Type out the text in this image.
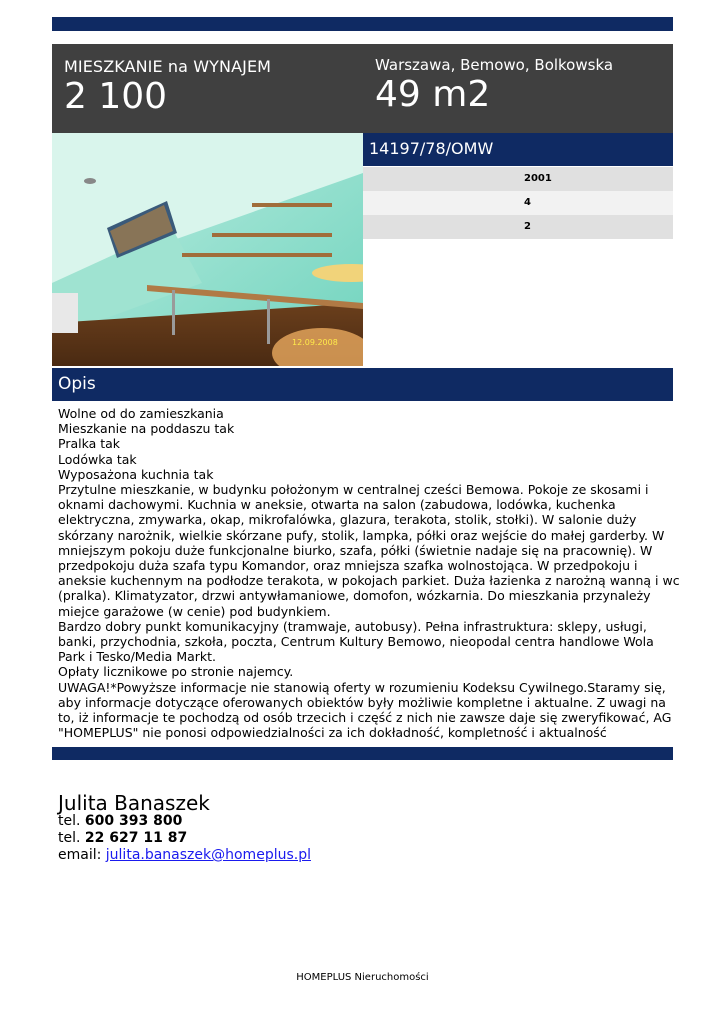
MIESZKANIE na WYNAJEM
2 100
Warszawa, Bemowo, Bolkowska
49 m2
12.09.2008
14197/78/OMW
2001
4
2
Opis
Wolne od do zamieszkania
Mieszkanie na poddaszu tak
Pralka tak
Lodówka tak
Wyposażona kuchnia tak
Przytulne mieszkanie, w budynku położonym w centralnej cześci Bemowa. Pokoje ze skosami i
oknami dachowymi. Kuchnia w aneksie, otwarta na salon (zabudowa, lodówka, kuchenka
elektryczna, zmywarka, okap, mikrofalówka, glazura, terakota, stolik, stołki). W salonie duży
skórzany narożnik, wielkie skórzane pufy, stolik, lampka, półki oraz wejście do małej garderby. W
mniejszym pokoju duże funkcjonalne biurko, szafa, półki (świetnie nadaje się na pracownię). W
przedpokoju duża szafa typu Komandor, oraz mniejsza szafka wolnostojąca. W przedpokoju i
aneksie kuchennym na podłodze terakota, w pokojach parkiet. Duża łazienka z narożną wanną i wc
(pralka). Klimatyzator, drzwi antywłamaniowe, domofon, wózkarnia. Do mieszkania przynależy
miejce garażowe (w cenie) pod budynkiem.
Bardzo dobry punkt komunikacyjny (tramwaje, autobusy). Pełna infrastruktura: sklepy, usługi,
banki, przychodnia, szkoła, poczta, Centrum Kultury Bemowo, nieopodal centra handlowe Wola
Park i Tesko/Media Markt.
Opłaty licznikowe po stronie najemcy.
UWAGA!*Powyższe informacje nie stanowią oferty w rozumieniu Kodeksu Cywilnego.Staramy się,
aby informacje dotyczące oferowanych obiektów były możliwie kompletne i aktualne. Z uwagi na
to, iż informacje te pochodzą od osób trzecich i część z nich nie zawsze daje się zweryfikować, AG
"HOMEPLUS" nie ponosi odpowiedzialności za ich dokładność, kompletność i aktualność
Julita Banaszek
tel. 600 393 800
tel. 22 627 11 87
email: julita.banaszek@homeplus.pl
HOMEPLUS Nieruchomości
